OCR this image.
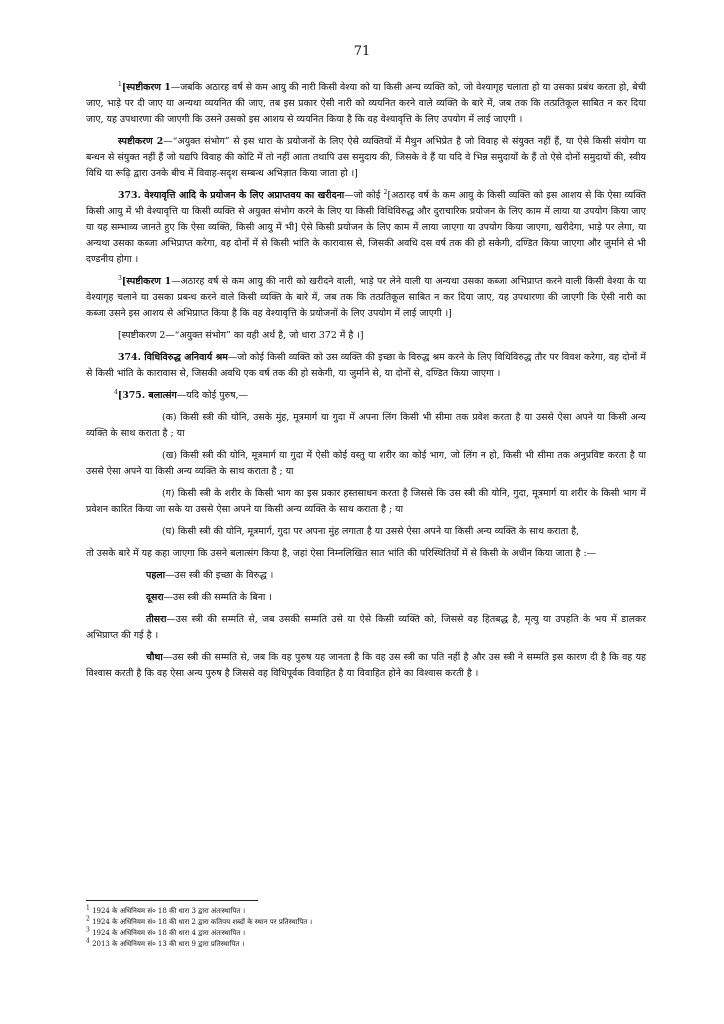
71

$^1$[स्पष्टीकरण 1—जबकि अठारह वर्ष से कम आयु की नारी किसी वेश्या को या किसी अन्य व्यक्ति को, जो वेश्यागृह चलाता हो या उसका प्रबंध करता हो, बेची जाए, भाड़े पर दी जाए या अन्यथा व्ययनित की जाए, तब इस प्रकार ऐसी नारी को व्ययनित करने वाले व्यक्ति के बारे में, जब तक कि तत्प्रतिकूल साबित न कर दिया जाए, यह उपधारणा की जाएगी कि उसने उसको इस आशय से व्ययनित किया है कि वह वेश्यावृत्ति के लिए उपयोग में लाई जाएगी ।

स्पष्टीकरण 2—“अयुक्त संभोग” से इस धारा के प्रयोजनों के लिए ऐसे व्यक्तियों में मैथुन अभिप्रेत है जो विवाह से संयुक्त नहीं हैं, या ऐसे किसी संयोग या बन्धन से संयुक्त नहीं हैं जो यद्यपि विवाह की कोटि में तो नहीं आता तथापि उस समुदाय की, जिसके वे हैं या यदि वे भिन्न समुदायों के हैं तो ऐसे दोनों समुदायों की, स्वीय विधि या रूढ़ि द्वारा उनके बीच में विवाह-सदृश सम्बन्ध अभिज्ञात किया जाता हो ।]

373. वेश्यावृत्ति आदि के प्रयोजन के लिए अप्राप्तवय का खरीदना—जो कोई $^2$[अठारह वर्ष के कम आयु के किसी व्यक्ति को इस आशय से कि ऐसा व्यक्ति किसी आयु में भी वेश्यावृत्ति या किसी व्यक्ति से अयुक्त संभोग करने के लिए या किसी विधिविरुद्ध और दुराचारिक प्रयोजन के लिए काम में लाया या उपयोग किया जाए या यह सम्भाव्य जानते हुए कि ऐसा व्यक्ति, किसी आयु में भी] ऐसे किसी प्रयोजन के लिए काम में लाया जाएगा या उपयोग किया जाएगा, खरीदेगा, भाड़े पर लेगा, या अन्यथा उसका कब्जा अभिप्राप्त करेगा, वह दोनों में से किसी भांति के कारावास से, जिसकी अवधि दस वर्ष तक की हो सकेगी, दण्डित किया जाएगा और जुर्माने से भी दण्डनीय होगा ।

$^3$[स्पष्टीकरण 1—अठारह वर्ष से कम आयु की नारी को खरीदने वाली, भाड़े पर लेने वाली या अन्यथा उसका कब्जा अभिप्राप्त करने वाली किसी वेश्या के या वेश्यागृह चलाने या उसका प्रबन्ध करने वाले किसी व्यक्ति के बारे में, जब तक कि तत्प्रतिकूल साबित न कर दिया जाए, यह उपधारणा की जाएगी कि ऐसी नारी का कब्जा उसने इस आशय से अभिप्राप्त किया है कि वह वेश्यावृत्ति के प्रयोजनों के लिए उपयोग में लाई जाएगी ।]

[स्पष्टीकरण 2—“अयुक्त संभोग” का वही अर्थ है, जो धारा 372 में है ।]

374. विधिविरुद्ध अनिवार्य श्रम—जो कोई किसी व्यक्ति को उस व्यक्ति की इच्छा के विरुद्ध श्रम करने के लिए विधिविरुद्ध तौर पर विवश करेगा, वह दोनों में से किसी भांति के कारावास से, जिसकी अवधि एक वर्ष तक की हो सकेगी, या जुर्माने से, या दोनों से, दण्डित किया जाएगा ।

$^4$[375. बलात्संग—यदि कोई पुरुष,—

(क) किसी स्त्री की योनि, उसके मुंह, मूत्रमार्ग या गुदा में अपना लिंग किसी भी सीमा तक प्रवेश करता है या उससे ऐसा अपने या किसी अन्य व्यक्ति के साथ कराता है ; या

(ख) किसी स्त्री की योनि, मूत्रमार्ग या गुदा में ऐसी कोई वस्तु या शरीर का कोई भाग, जो लिंग न हो, किसी भी सीमा तक अनुप्रविष्ट करता है या उससे ऐसा अपने या किसी अन्य व्यक्ति के साथ कराता है ; या

(ग) किसी स्त्री के शरीर के किसी भाग का इस प्रकार हस्तसाधन करता है जिससे कि उस स्त्री की योनि, गुदा, मूत्रमार्ग या शरीर के किसी भाग में प्रवेशन कारित किया जा सके या उससे ऐसा अपने या किसी अन्य व्यक्ति के साथ कराता है ; या

(घ) किसी स्त्री की योनि, मूत्रमार्ग, गुदा पर अपना मुंह लगाता है या उससे ऐसा अपने या किसी अन्य व्यक्ति के साथ कराता है,

तो उसके बारे में यह कहा जाएगा कि उसने बलात्संग किया है, जहां ऐसा निम्नलिखित सात भांति की परिस्थितियों में से किसी के अधीन किया जाता है :—

पहला—उस स्त्री की इच्छा के विरुद्ध ।

दूसरा—उस स्त्री की सम्मति के बिना ।

तीसरा—उस स्त्री की सम्मति से, जब उसकी सम्मति उसे या ऐसे किसी व्यक्ति को, जिससे वह हितबद्ध है, मृत्यु या उपहति के भय में डालकर अभिप्राप्त की गई है ।

चौथा—उस स्त्री की सम्मति से, जब कि वह पुरुष यह जानता है कि वह उस स्त्री का पति नहीं है और उस स्त्री ने सम्मति इस कारण दी है कि वह यह विश्वास करती है कि वह ऐसा अन्य पुरुष है जिससे वह विधिपूर्वक विवाहित है या विवाहित होने का विश्वास करती है ।

$^1$ 1924 के अधिनियम सं० 18 की धारा 3 द्वारा अंतःस्थापित ।
$^2$ 1924 के अधिनियम सं० 18 की धारा 2 द्वारा कतिपय शब्दों के स्थान पर प्रतिस्थापित ।
$^3$ 1924 के अधिनियम सं० 18 की धारा 4 द्वारा अंतःस्थापित ।
$^4$ 2013 के अधिनियम सं० 13 की धारा 9 द्वारा प्रतिस्थापित ।
